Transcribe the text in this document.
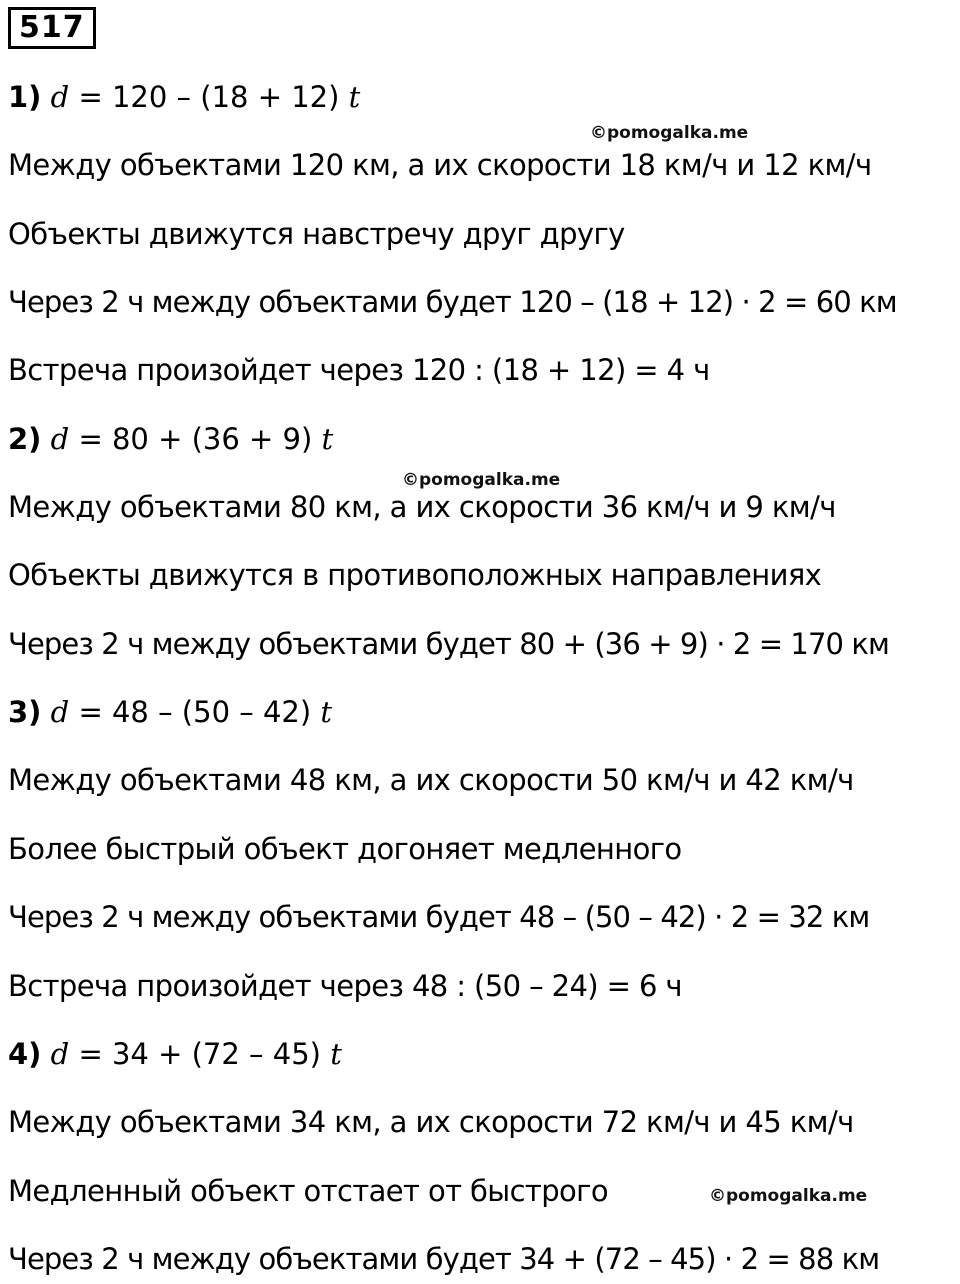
517
1) d = 120 – (18 + 12) t
©pomogalka.me
Между объектами 120 км, а их скорости 18 км/ч и 12 км/ч
Объекты движутся навстречу друг другу
Через 2 ч между объектами будет 120 – (18 + 12) · 2 = 60 км
Встреча произойдет через 120 : (18 + 12) = 4 ч
2) d = 80 + (36 + 9) t
©pomogalka.me
Между объектами 80 км, а их скорости 36 км/ч и 9 км/ч
Объекты движутся в противоположных направлениях
Через 2 ч между объектами будет 80 + (36 + 9) · 2 = 170 км
3) d = 48 – (50 – 42) t
Между объектами 48 км, а их скорости 50 км/ч и 42 км/ч
Более быстрый объект догоняет медленного
Через 2 ч между объектами будет 48 – (50 – 42) · 2 = 32 км
Встреча произойдет через 48 : (50 – 24) = 6 ч
4) d = 34 + (72 – 45) t
Между объектами 34 км, а их скорости 72 км/ч и 45 км/ч
Медленный объект отстает от быстрого	©pomogalka.me
Через 2 ч между объектами будет 34 + (72 – 45) · 2 = 88 км
